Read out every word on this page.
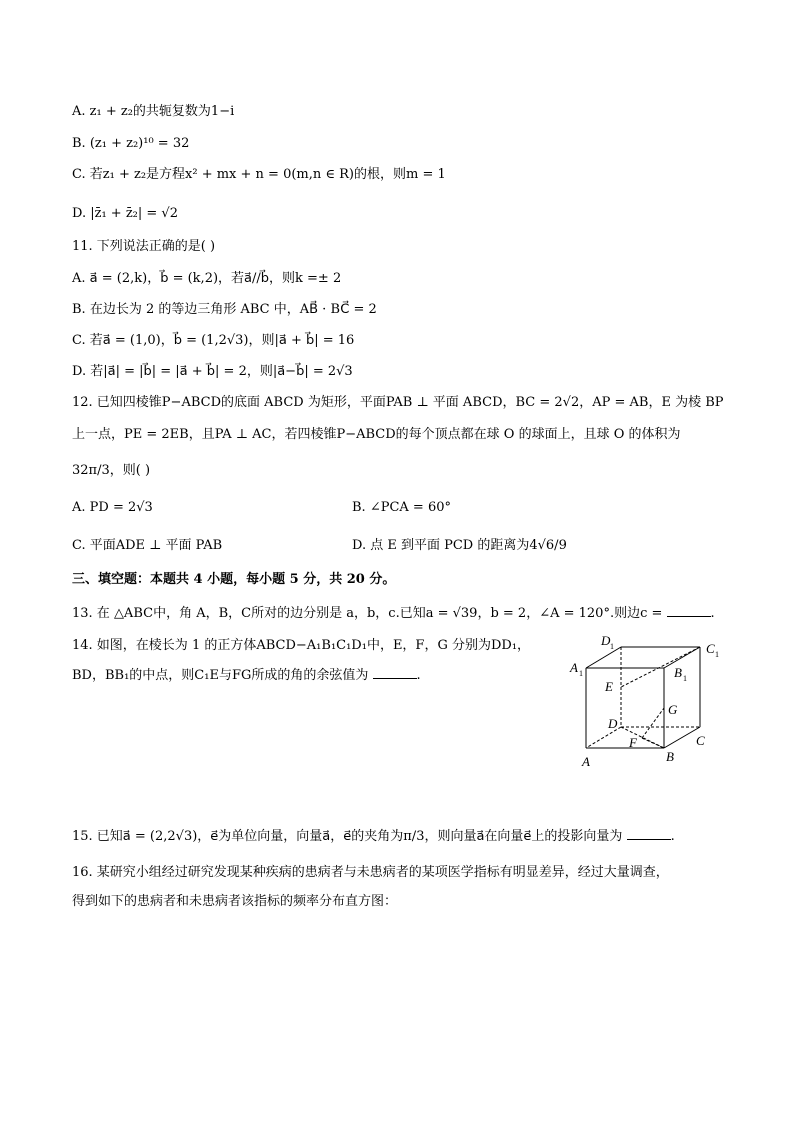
A. z₁ + z₂的共轭复数为1−i
B. (z₁ + z₂)¹⁰ = 32
C. 若z₁ + z₂是方程x² + mx + n = 0(m,n ∈ R)的根，则m = 1
D. |z̄₁ + z̄₂| = √2
11. 下列说法正确的是( )
A. a⃗ = (2,k)，b⃗ = (k,2)，若a⃗//b⃗，则k =± 2
B. 在边长为 2 的等边三角形 ABC 中，AB⃗ · BC⃗ = 2
C. 若a⃗ = (1,0)，b⃗ = (1,2√3)，则|a⃗ + b⃗| = 16
D. 若|a⃗| = |b⃗| = |a⃗ + b⃗| = 2，则|a⃗−b⃗| = 2√3
12. 已知四棱锥P−ABCD的底面 ABCD 为矩形，平面PAB ⊥ 平面 ABCD，BC = 2√2，AP = AB，E 为棱 BP
上一点，PE = 2EB，且PA ⊥ AC，若四棱锥P−ABCD的每个顶点都在球 O 的球面上，且球 O 的体积为
32π/3，则( )
A. PD = 2√3	B. ∠PCA = 60°
C. 平面ADE ⊥ 平面 PAB	D. 点 E 到平面 PCD 的距离为4√6/9
三、填空题：本题共 4 小题，每小题 5 分，共 20 分。
13. 在 △ABC中，角 A，B，C所对的边分别是 a，b，c.已知a = √39，b = 2，∠A = 120°.则边c =	.
14. 如图，在棱长为 1 的正方体ABCD−A₁B₁C₁D₁中，E，F，G 分别为DD₁，
BD，BB₁的中点，则C₁E与FG所成的角的余弦值为	.
A 1
D 1	C 1
B 1
E
G
D
F	C
A	B
15. 已知a⃗ = (2,2√3)，e⃗为单位向量，向量a⃗，e⃗的夹角为π/3，则向量a⃗在向量e⃗上的投影向量为	.
16. 某研究小组经过研究发现某种疾病的患病者与未患病者的某项医学指标有明显差异，经过大量调查，
得到如下的患病者和未患病者该指标的频率分布直方图：
